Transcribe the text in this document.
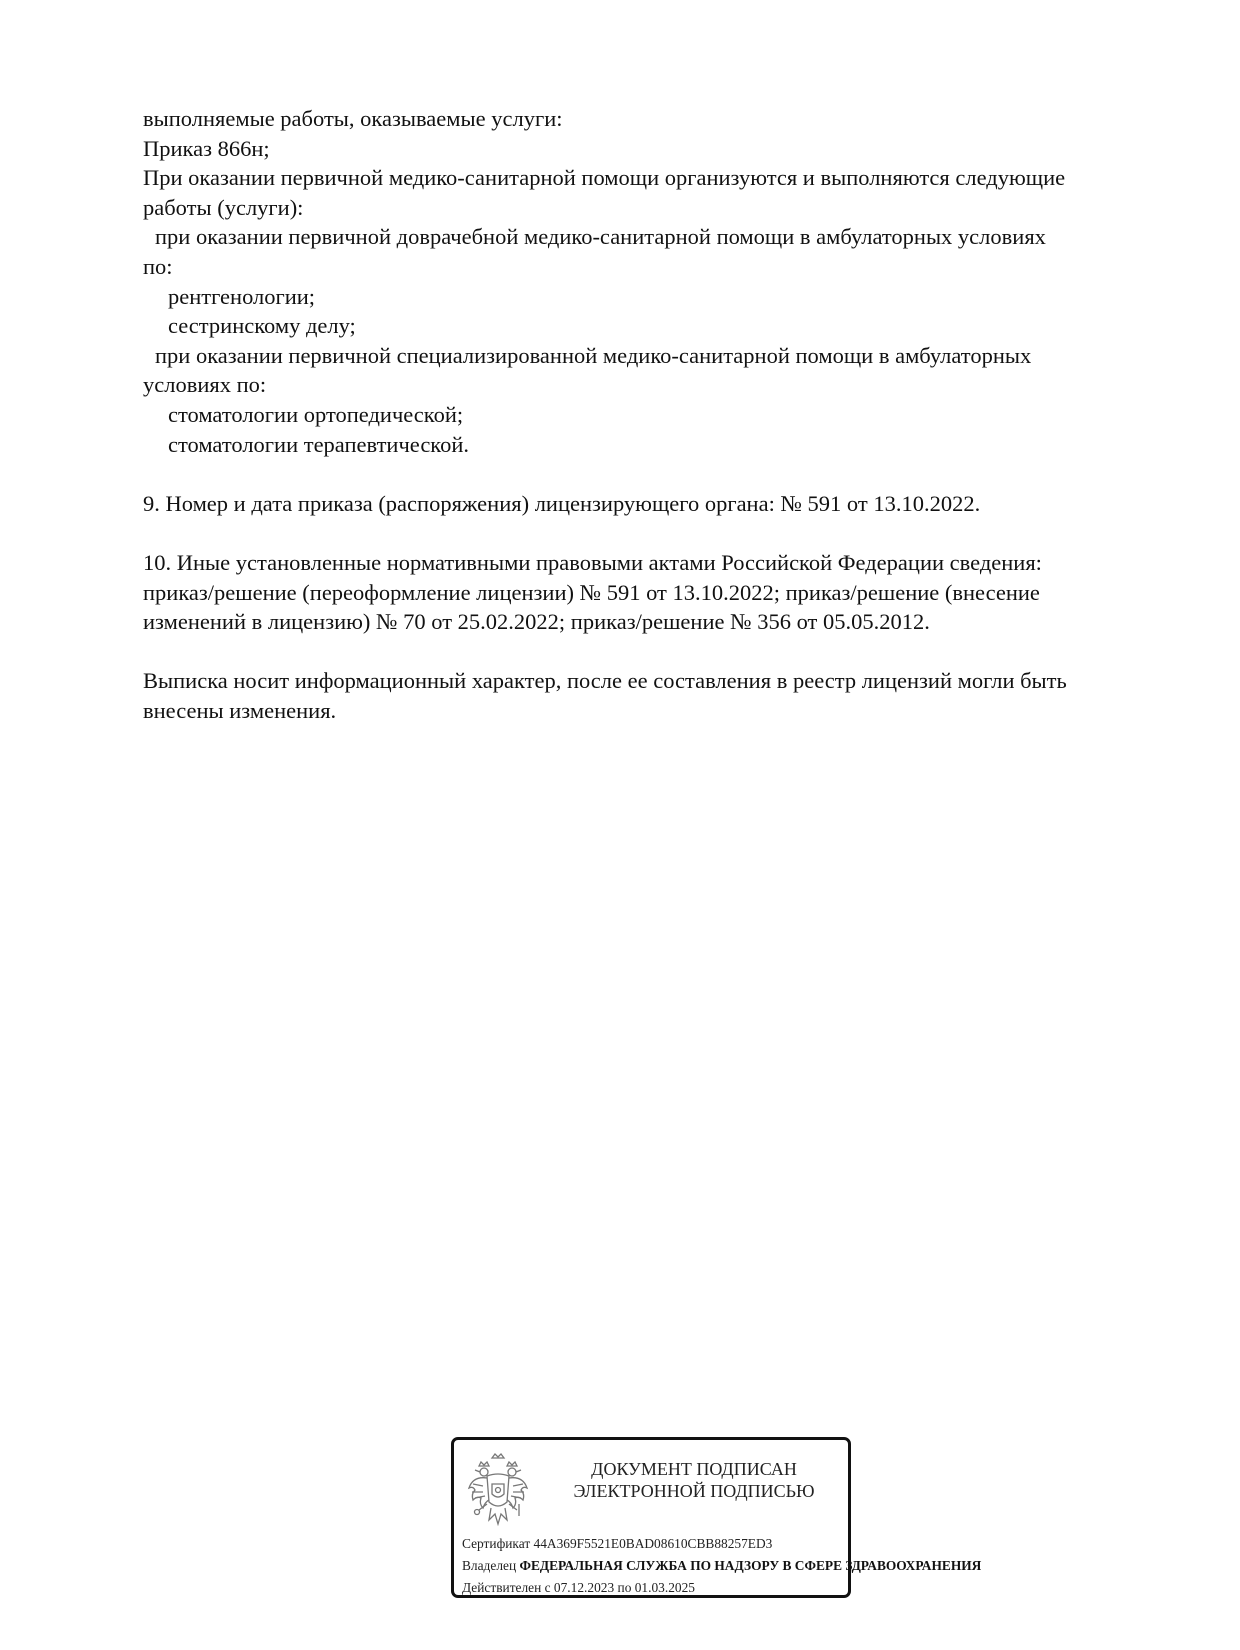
выполняемые работы, оказываемые услуги:
Приказ 866н;
При оказании первичной медико-санитарной помощи организуются и выполняются следующие
работы (услуги):
при оказании первичной доврачебной медико-санитарной помощи в амбулаторных условиях
по:
рентгенологии;
сестринскому делу;
при оказании первичной специализированной медико-санитарной помощи в амбулаторных
условиях по:
стоматологии ортопедической;
стоматологии терапевтической.
9. Номер и дата приказа (распоряжения) лицензирующего органа: № 591 от 13.10.2022.
10. Иные установленные нормативными правовыми актами Российской Федерации сведения:
приказ/решение (переоформление лицензии) № 591 от 13.10.2022; приказ/решение (внесение
изменений в лицензию) № 70 от 25.02.2022; приказ/решение № 356 от 05.05.2012.
Выписка носит информационный характер, после ее составления в реестр лицензий могли быть
внесены изменения.
ДОКУМЕНТ ПОДПИСАН
ЭЛЕКТРОННОЙ ПОДПИСЬЮ
Сертификат 44A369F5521E0BAD08610CBB88257ED3
Владелец ФЕДЕРАЛЬНАЯ СЛУЖБА ПО НАДЗОРУ В СФЕРЕ ЗДРАВООХРАНЕНИЯ
Действителен с 07.12.2023 по 01.03.2025
